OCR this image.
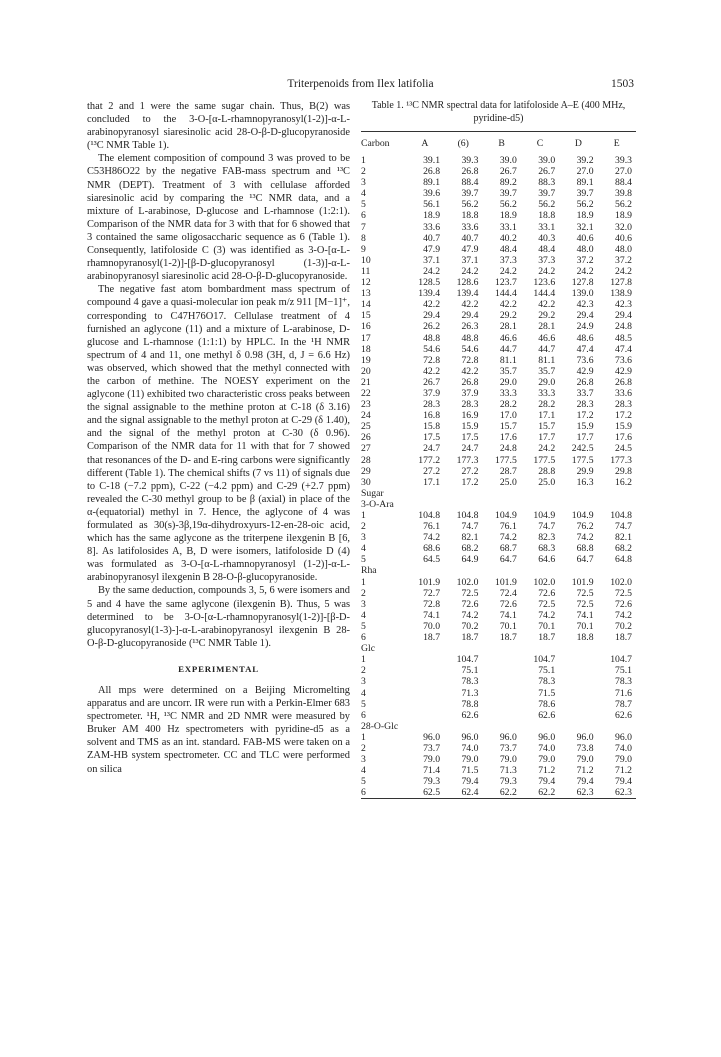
Triterpenoids from Ilex latifolia	1503

that 2 and 1 were the same sugar chain. Thus, B(2) was concluded to the 3-O-[α-L-rhamnopyranosyl(1-2)]-α-L-arabinopyranosyl siaresinolic acid 28-O-β-D-glucopyranoside (¹³C NMR Table 1).

The element composition of compound 3 was proved to be C53H86O22 by the negative FAB-mass spectrum and ¹³C NMR (DEPT). Treatment of 3 with cellulase afforded siaresinolic acid by comparing the ¹³C NMR data, and a mixture of L-arabinose, D-glucose and L-rhamnose (1:2:1). Comparison of the NMR data for 3 with that for 6 showed that 3 contained the same oligosaccharic sequence as 6 (Table 1). Consequently, latifoloside C (3) was identified as 3-O-[α-L-rhamnopyranosyl(1-2)]-[β-D-glucopyranosyl (1-3)]-α-L-arabinopyranosyl siaresinolic acid 28-O-β-D-glucopyranoside.

The negative fast atom bombardment mass spectrum of compound 4 gave a quasi-molecular ion peak m/z 911 [M−1]⁺, corresponding to C47H76O17. Cellulase treatment of 4 furnished an aglycone (11) and a mixture of L-arabinose, D-glucose and L-rhamnose (1:1:1) by HPLC. In the ¹H NMR spectrum of 4 and 11, one methyl δ 0.98 (3H, d, J = 6.6 Hz) was observed, which showed that the methyl connected with the carbon of methine. The NOESY experiment on the aglycone (11) exhibited two characteristic cross peaks between the signal assignable to the methine proton at C-18 (δ 3.16) and the signal assignable to the methyl proton at C-29 (δ 1.40), and the signal of the methyl proton at C-30 (δ 0.96). Comparison of the NMR data for 11 with that for 7 showed that resonances of the D- and E-ring carbons were significantly different (Table 1). The chemical shifts (7 vs 11) of signals due to C-18 (−7.2 ppm), C-22 (−4.2 ppm) and C-29 (+2.7 ppm) revealed the C-30 methyl group to be β (axial) in place of the α-(equatorial) methyl in 7. Hence, the aglycone of 4 was formulated as 30(s)-3β,19α-dihydroxyurs-12-en-28-oic acid, which has the same aglycone as the triterpene ilexgenin B [6, 8]. As latifolosides A, B, D were isomers, latifoloside D (4) was formulated as 3-O-[α-L-rhamnopyranosyl (1-2)]-α-L-arabinopyranosyl ilexgenin B 28-O-β-glucopyranoside.

By the same deduction, compounds 3, 5, 6 were isomers and 5 and 4 have the same aglycone (ilexgenin B). Thus, 5 was determined to be 3-O-[α-L-rhamnopyranosyl(1-2)]-[β-D-glucopyranosyl(1-3)-]-α-L-arabinopyranosyl ilexgenin B 28-O-β-D-glucopyranoside (¹³C NMR Table 1).

EXPERIMENTAL

All mps were determined on a Beijing Micromelting apparatus and are uncorr. IR were run with a Perkin-Elmer 683 spectrometer. ¹H, ¹³C NMR and 2D NMR were measured by Bruker AM 400 Hz spectrometers with pyridine-d5 as a solvent and TMS as an int. standard. FAB-MS were taken on a ZAM-HB system spectrometer. CC and TLC were performed on silica

Table 1. ¹³C NMR spectral data for latifoloside A–E (400 MHz, pyridine-d5)

Carbon	A	(6)	B	C	D	E
1	39.1	39.3	39.0	39.0	39.2	39.3
2	26.8	26.8	26.7	26.7	27.0	27.0
3	89.1	88.4	89.2	88.3	89.1	88.4
4	39.6	39.7	39.7	39.7	39.7	39.8
5	56.1	56.2	56.2	56.2	56.2	56.2
6	18.9	18.8	18.9	18.8	18.9	18.9
7	33.6	33.6	33.1	33.1	32.1	32.0
8	40.7	40.7	40.2	40.3	40.6	40.6
9	47.9	47.9	48.4	48.4	48.0	48.0
10	37.1	37.1	37.3	37.3	37.2	37.2
11	24.2	24.2	24.2	24.2	24.2	24.2
12	128.5	128.6	123.7	123.6	127.8	127.8
13	139.4	139.4	144.4	144.4	139.0	138.9
14	42.2	42.2	42.2	42.2	42.3	42.3
15	29.4	29.4	29.2	29.2	29.4	29.4
16	26.2	26.3	28.1	28.1	24.9	24.8
17	48.8	48.8	46.6	46.6	48.6	48.5
18	54.6	54.6	44.7	44.7	47.4	47.4
19	72.8	72.8	81.1	81.1	73.6	73.6
20	42.2	42.2	35.7	35.7	42.9	42.9
21	26.7	26.8	29.0	29.0	26.8	26.8
22	37.9	37.9	33.3	33.3	33.7	33.6
23	28.3	28.3	28.2	28.2	28.3	28.3
24	16.8	16.9	17.0	17.1	17.2	17.2
25	15.8	15.9	15.7	15.7	15.9	15.9
26	17.5	17.5	17.6	17.7	17.7	17.6
27	24.7	24.7	24.8	24.2	242.5	24.5
28	177.2	177.3	177.5	177.5	177.5	177.3
29	27.2	27.2	28.7	28.8	29.9	29.8
30	17.1	17.2	25.0	25.0	16.3	16.2
Sugar						
3-O-Ara						
1	104.8	104.8	104.9	104.9	104.9	104.8
2	76.1	74.7	76.1	74.7	76.2	74.7
3	74.2	82.1	74.2	82.3	74.2	82.1
4	68.6	68.2	68.7	68.3	68.8	68.2
5	64.5	64.9	64.7	64.6	64.7	64.8
Rha						
1	101.9	102.0	101.9	102.0	101.9	102.0
2	72.7	72.5	72.4	72.6	72.5	72.5
3	72.8	72.6	72.6	72.5	72.5	72.6
4	74.1	74.2	74.1	74.2	74.1	74.2
5	70.0	70.2	70.1	70.1	70.1	70.2
6	18.7	18.7	18.7	18.7	18.8	18.7
Glc						
1		104.7		104.7		104.7
2		75.1		75.1		75.1
3		78.3		78.3		78.3
4		71.3		71.5		71.6
5		78.8		78.6		78.7
6		62.6		62.6		62.6
28-O-Glc						
1	96.0	96.0	96.0	96.0	96.0	96.0
2	73.7	74.0	73.7	74.0	73.8	74.0
3	79.0	79.0	79.0	79.0	79.0	79.0
4	71.4	71.5	71.3	71.2	71.2	71.2
5	79.3	79.4	79.3	79.4	79.4	79.4
6	62.5	62.4	62.2	62.2	62.3	62.3
